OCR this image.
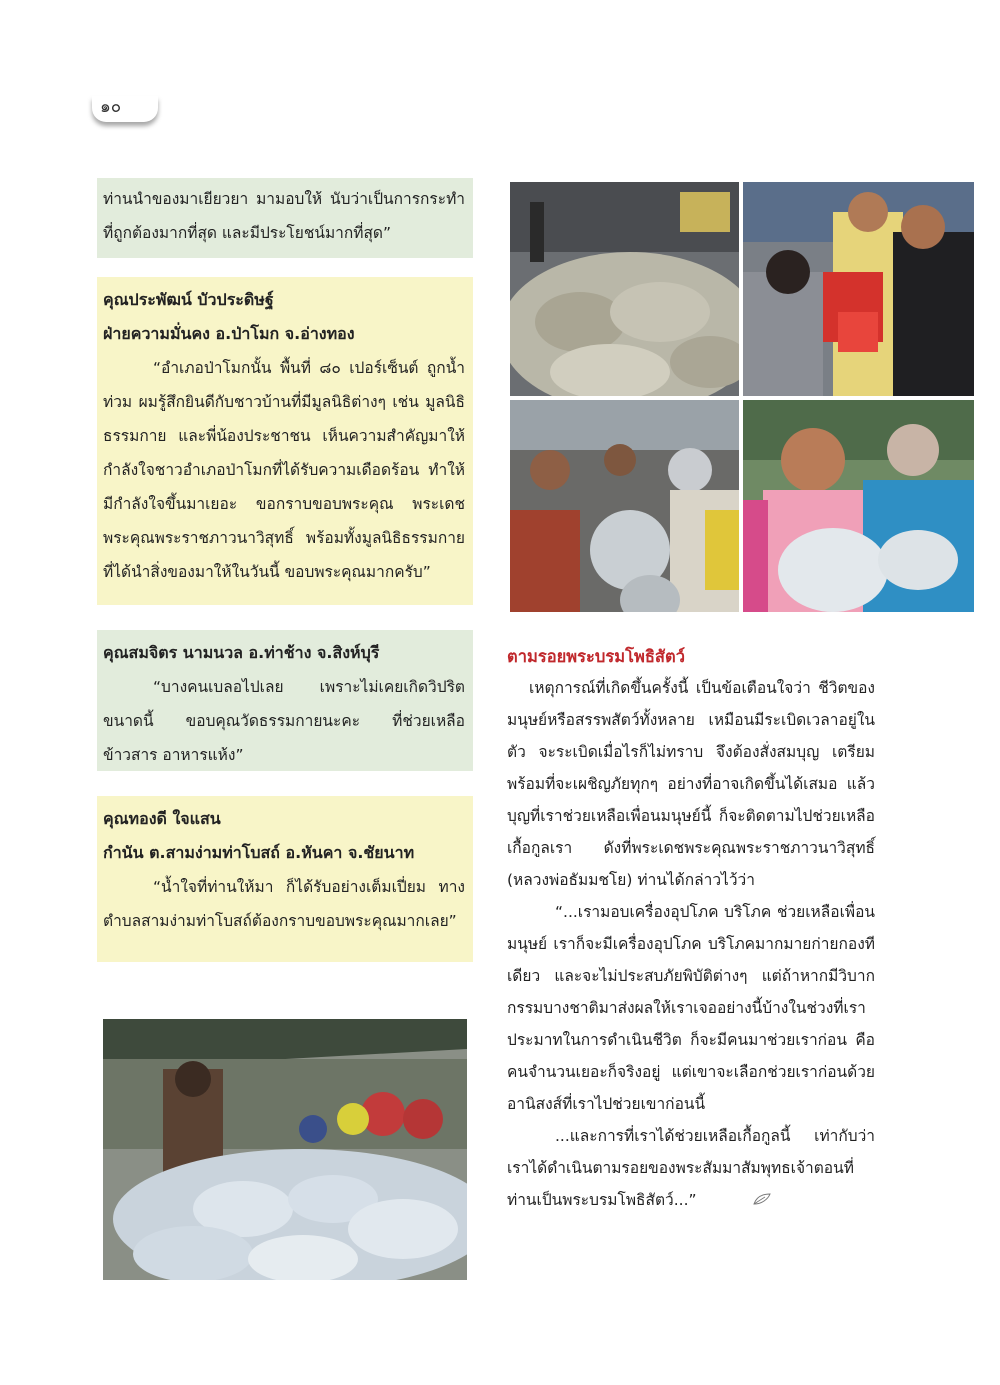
๑๐

ท่านนำของมาเยียวยา มามอบให้ นับว่าเป็นการกระทำที่ถูกต้องมากที่สุด และมีประโยชน์มากที่สุด”

คุณประพัฒน์ บัวประดิษฐ์
ฝ่ายความมั่นคง อ.ป่าโมก จ.อ่างทอง

“อำเภอป่าโมกนั้น พื้นที่ ๘๐ เปอร์เซ็นต์ ถูกน้ำท่วม ผมรู้สึกยินดีกับชาวบ้านที่มีมูลนิธิต่างๆ เช่น มูลนิธิธรรมกาย และพี่น้องประชาชน เห็นความสำคัญมาให้กำลังใจชาวอำเภอป่าโมกที่ได้รับความเดือดร้อน ทำให้มีกำลังใจขึ้นมาเยอะ ขอกราบขอบพระคุณ พระเดชพระคุณพระราชภาวนาวิสุทธิ์ พร้อมทั้งมูลนิธิธรรมกาย ที่ได้นำสิ่งของมาให้ในวันนี้ ขอบพระคุณมากครับ”

คุณสมจิตร นามนวล อ.ท่าช้าง จ.สิงห์บุรี

“บางคนเบลอไปเลย เพราะไม่เคยเกิดวิปริตขนาดนี้ ขอบคุณวัดธรรมกายนะคะ ที่ช่วยเหลือข้าวสาร อาหารแห้ง”

คุณทองดี ใจแสน
กำนัน ต.สามง่ามท่าโบสถ์ อ.หันคา จ.ชัยนาท

“น้ำใจที่ท่านให้มา ก็ได้รับอย่างเต็มเปี่ยม ทางตำบลสามง่ามท่าโบสถ์ต้องกราบขอบพระคุณมากเลย”

ตามรอยพระบรมโพธิสัตว์

เหตุการณ์ที่เกิดขึ้นครั้งนี้ เป็นข้อเตือนใจว่า ชีวิตของมนุษย์หรือสรรพสัตว์ทั้งหลาย เหมือนมีระเบิดเวลาอยู่ในตัว จะระเบิดเมื่อไรก็ไม่ทราบ จึงต้องสั่งสมบุญ เตรียมพร้อมที่จะเผชิญภัยทุกๆ อย่างที่อาจเกิดขึ้นได้เสมอ แล้วบุญที่เราช่วยเหลือเพื่อนมนุษย์นี้ ก็จะติดตามไปช่วยเหลือเกื้อกูลเรา ดังที่พระเดชพระคุณพระราชภาวนาวิสุทธิ์ (หลวงพ่อธัมมชโย) ท่านได้กล่าวไว้ว่า

“...เรามอบเครื่องอุปโภค บริโภค ช่วยเหลือเพื่อนมนุษย์ เราก็จะมีเครื่องอุปโภค บริโภคมากมายก่ายกองทีเดียว และจะไม่ประสบภัยพิบัติต่างๆ แต่ถ้าหากมีวิบากกรรมบางชาติมาส่งผลให้เราเจออย่างนี้บ้างในช่วงที่เราประมาทในการดำเนินชีวิต ก็จะมีคนมาช่วยเราก่อน คือ คนจำนวนเยอะก็จริงอยู่ แต่เขาจะเลือกช่วยเราก่อนด้วยอานิสงส์ที่เราไปช่วยเขาก่อนนี้

...และการที่เราได้ช่วยเหลือเกื้อกูลนี้ เท่ากับว่าเราได้ดำเนินตามรอยของพระสัมมาสัมพุทธเจ้าตอนที่ท่านเป็นพระบรมโพธิสัตว์...”
